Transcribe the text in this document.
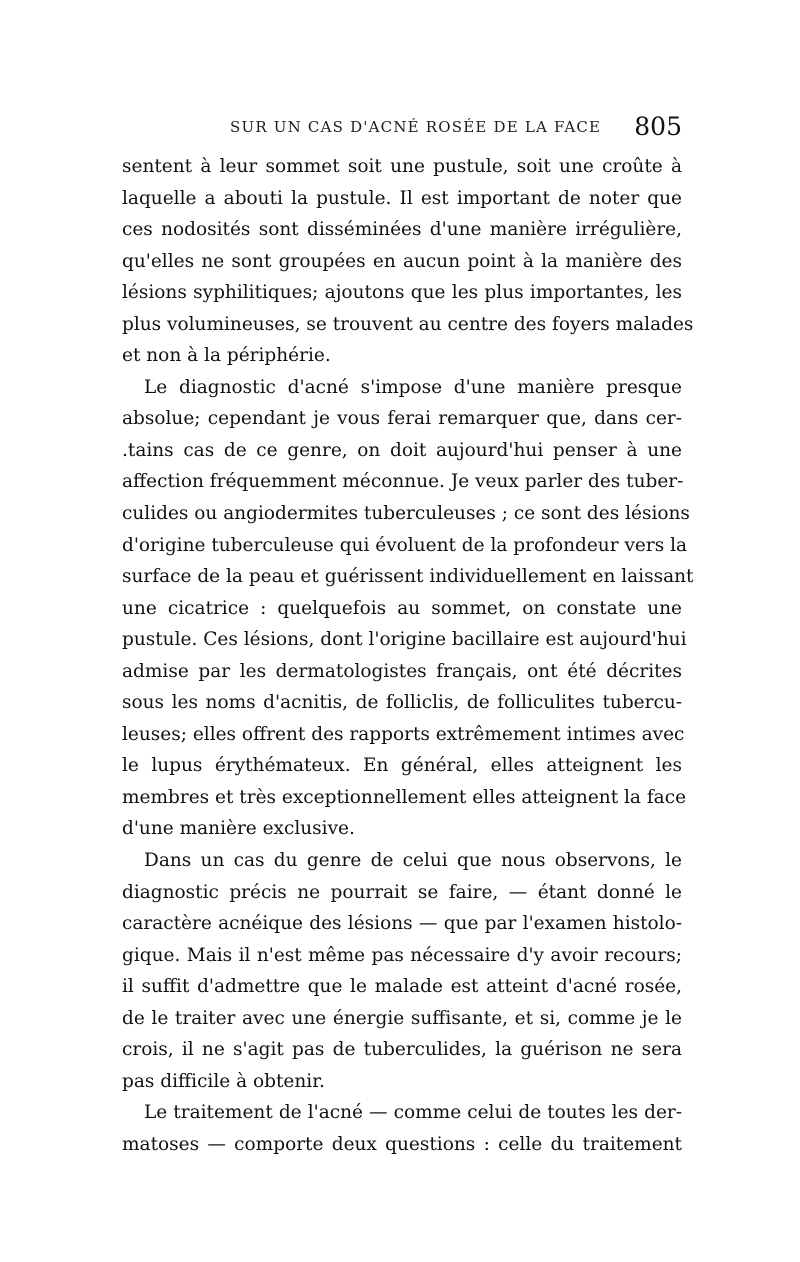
SUR UN CAS D'ACNÉ ROSÉE DE LA FACE 805
sentent à leur sommet soit une pustule, soit une croûte à
laquelle a abouti la pustule. Il est important de noter que
ces nodosités sont disséminées d'une manière irrégulière,
qu'elles ne sont groupées en aucun point à la manière des
lésions syphilitiques; ajoutons que les plus importantes, les
plus volumineuses, se trouvent au centre des foyers malades
et non à la périphérie.
Le diagnostic d'acné s'impose d'une manière presque
absolue; cependant je vous ferai remarquer que, dans cer-
.tains cas de ce genre, on doit aujourd'hui penser à une
affection fréquemment méconnue. Je veux parler des tuber-
culides ou angiodermites tuberculeuses ; ce sont des lésions
d'origine tuberculeuse qui évoluent de la profondeur vers la
surface de la peau et guérissent individuellement en laissant
une cicatrice : quelquefois au sommet, on constate une
pustule. Ces lésions, dont l'origine bacillaire est aujourd'hui
admise par les dermatologistes français, ont été décrites
sous les noms d'acnitis, de folliclis, de folliculites tubercu-
leuses; elles offrent des rapports extrêmement intimes avec
le lupus érythémateux. En général, elles atteignent les
membres et très exceptionnellement elles atteignent la face
d'une manière exclusive.
Dans un cas du genre de celui que nous observons, le
diagnostic précis ne pourrait se faire, — étant donné le
caractère acnéique des lésions — que par l'examen histolo-
gique. Mais il n'est même pas nécessaire d'y avoir recours;
il suffit d'admettre que le malade est atteint d'acné rosée,
de le traiter avec une énergie suffisante, et si, comme je le
crois, il ne s'agit pas de tuberculides, la guérison ne sera
pas difficile à obtenir.
Le traitement de l'acné — comme celui de toutes les der-
matoses — comporte deux questions : celle du traitement
